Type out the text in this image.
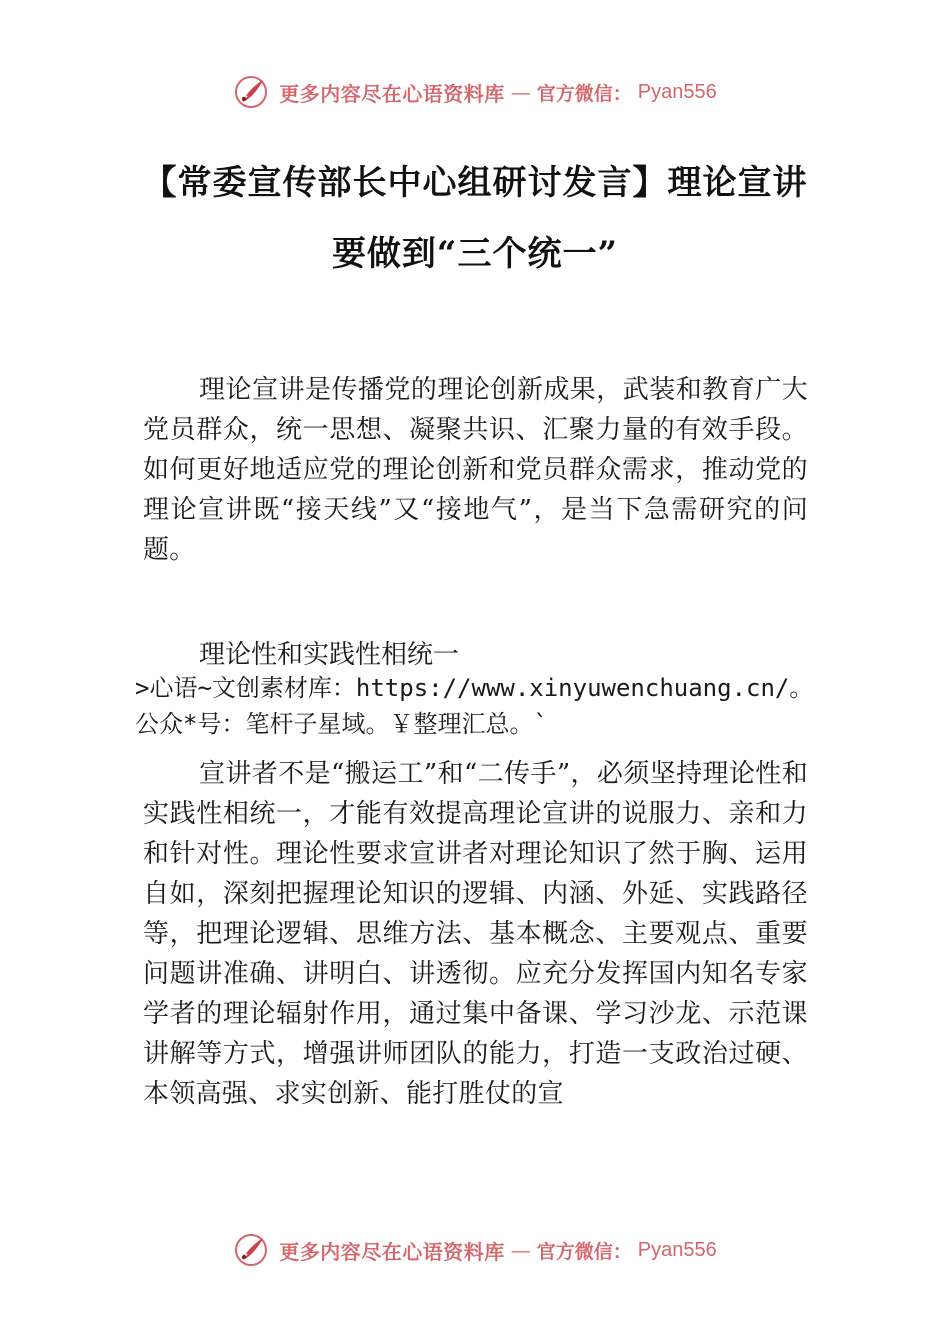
更多内容尽在心语资料库 — 官方微信： Pyan556
【常委宣传部长中心组研讨发言】理论宣讲
要做到“三个统一”

理论宣讲是传播党的理论创新成果，武装和教育广大党员群众，统一思想、凝聚共识、汇聚力量的有效手段。如何更好地适应党的理论创新和党员群众需求，推动党的理论宣讲既“接天线”又“接地气”，是当下急需研究的问题。

理论性和实践性相统一

>心语~文创素材库：https://www.xinyuwenchuang.cn/。公众*号：笔杆子星域。￥整理汇总。`

宣讲者不是“搬运工”和“二传手”，必须坚持理论性和实践性相统一，才能有效提高理论宣讲的说服力、亲和力和针对性。理论性要求宣讲者对理论知识了然于胸、运用自如，深刻把握理论知识的逻辑、内涵、外延、实践路径等，把理论逻辑、思维方法、基本概念、主要观点、重要问题讲准确、讲明白、讲透彻。应充分发挥国内知名专家学者的理论辐射作用，通过集中备课、学习沙龙、示范课讲解等方式，增强讲师团队的能力，打造一支政治过硬、本领高强、求实创新、能打胜仗的宣

更多内容尽在心语资料库 — 官方微信： Pyan556
